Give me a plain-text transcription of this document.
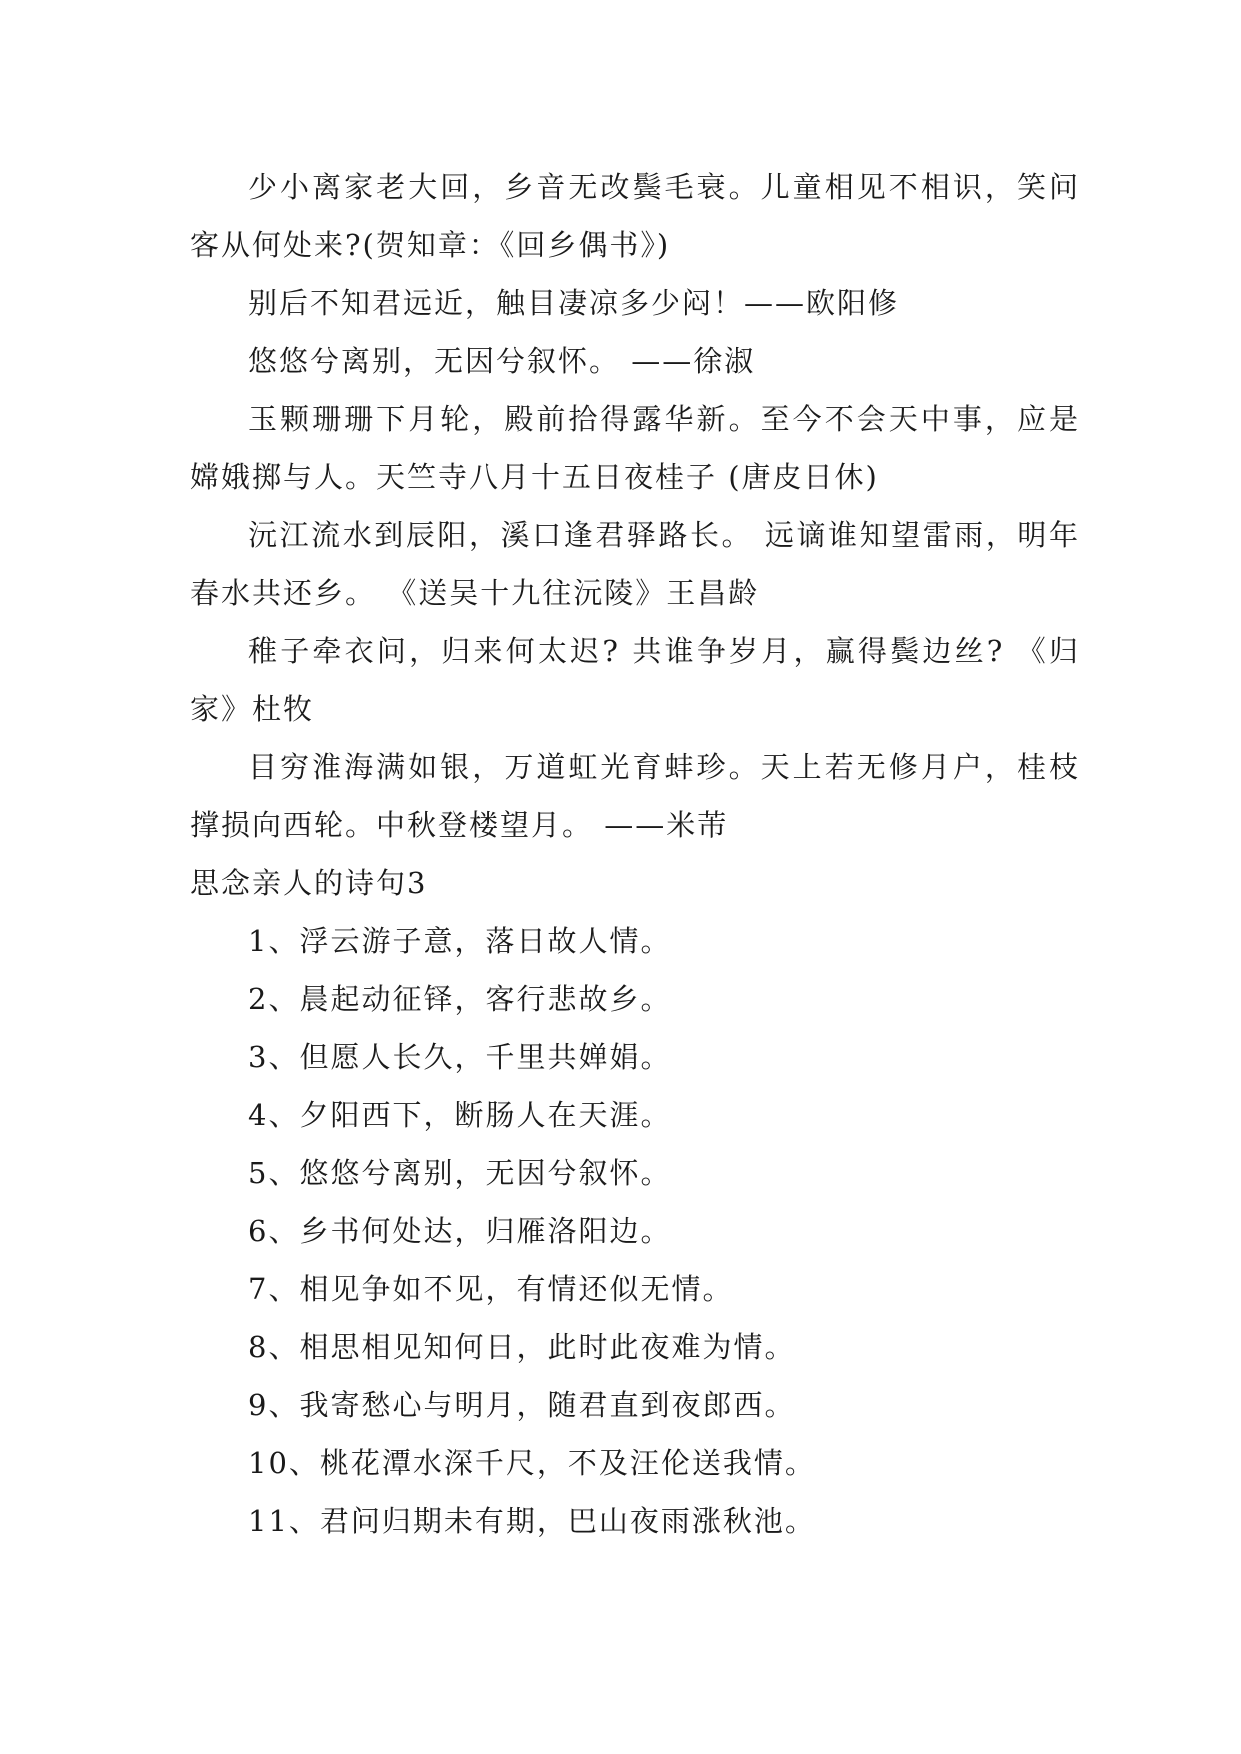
少小离家老大回，乡音无改鬓毛衰。儿童相见不相识，笑问客从何处来?(贺知章：《回乡偶书》)

别后不知君远近，触目凄凉多少闷！——欧阳修

悠悠兮离别，无因兮叙怀。 ——徐淑

玉颗珊珊下月轮，殿前拾得露华新。至今不会天中事，应是嫦娥掷与人。天竺寺八月十五日夜桂子 (唐皮日休)

沅江流水到辰阳，溪口逢君驿路长。 远谪谁知望雷雨，明年春水共还乡。 《送吴十九往沅陵》王昌龄

稚子牵衣问，归来何太迟? 共谁争岁月，赢得鬓边丝? 《归家》杜牧

目穷淮海满如银，万道虹光育蚌珍。天上若无修月户，桂枝撑损向西轮。中秋登楼望月。 ——米芾

思念亲人的诗句3

1、浮云游子意，落日故人情。

2、晨起动征铎，客行悲故乡。

3、但愿人长久，千里共婵娟。

4、夕阳西下，断肠人在天涯。

5、悠悠兮离别，无因兮叙怀。

6、乡书何处达，归雁洛阳边。

7、相见争如不见，有情还似无情。

8、相思相见知何日，此时此夜难为情。

9、我寄愁心与明月，随君直到夜郎西。

10、桃花潭水深千尺，不及汪伦送我情。

11、君问归期未有期，巴山夜雨涨秋池。
